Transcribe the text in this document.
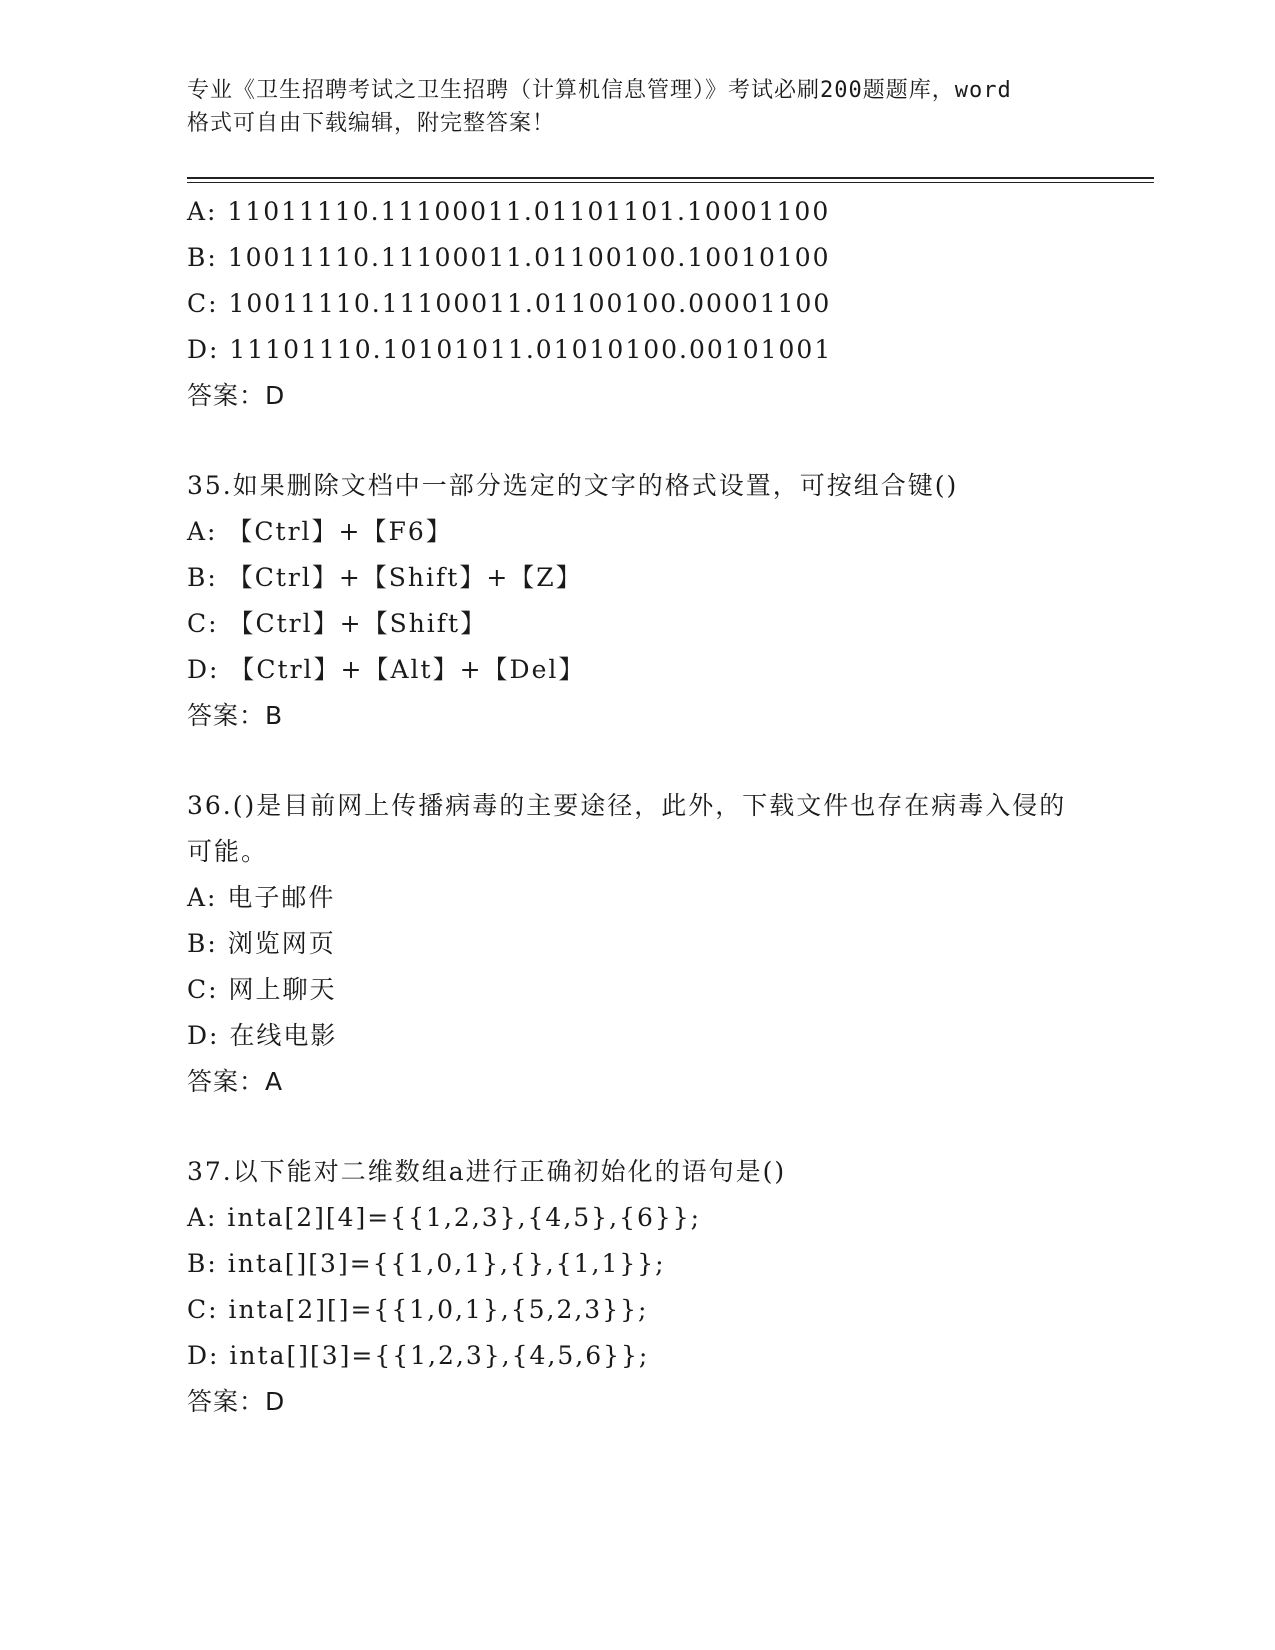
专业《卫生招聘考试之卫生招聘（计算机信息管理）》考试必刷200题题库，word
格式可自由下载编辑，附完整答案！
A: 11011110.11100011.01101101.10001100
B: 10011110.11100011.01100100.10010100
C: 10011110.11100011.01100100.00001100
D: 11101110.10101011.01010100.00101001
答案：D
35.如果删除文档中一部分选定的文字的格式设置，可按组合键()
A: 【Ctrl】+【F6】
B: 【Ctrl】+【Shift】+【Z】
C: 【Ctrl】+【Shift】
D: 【Ctrl】+【Alt】+【Del】
答案：B
36.()是目前网上传播病毒的主要途径，此外，下载文件也存在病毒入侵的可能。
A: 电子邮件
B: 浏览网页
C: 网上聊天
D: 在线电影
答案：A
37.以下能对二维数组a进行正确初始化的语句是()
A: inta[2][4]={{1,2,3},{4,5},{6}};
B: inta[][3]={{1,0,1},{},{1,1}};
C: inta[2][]={{1,0,1},{5,2,3}};
D: inta[][3]={{1,2,3},{4,5,6}};
答案：D
